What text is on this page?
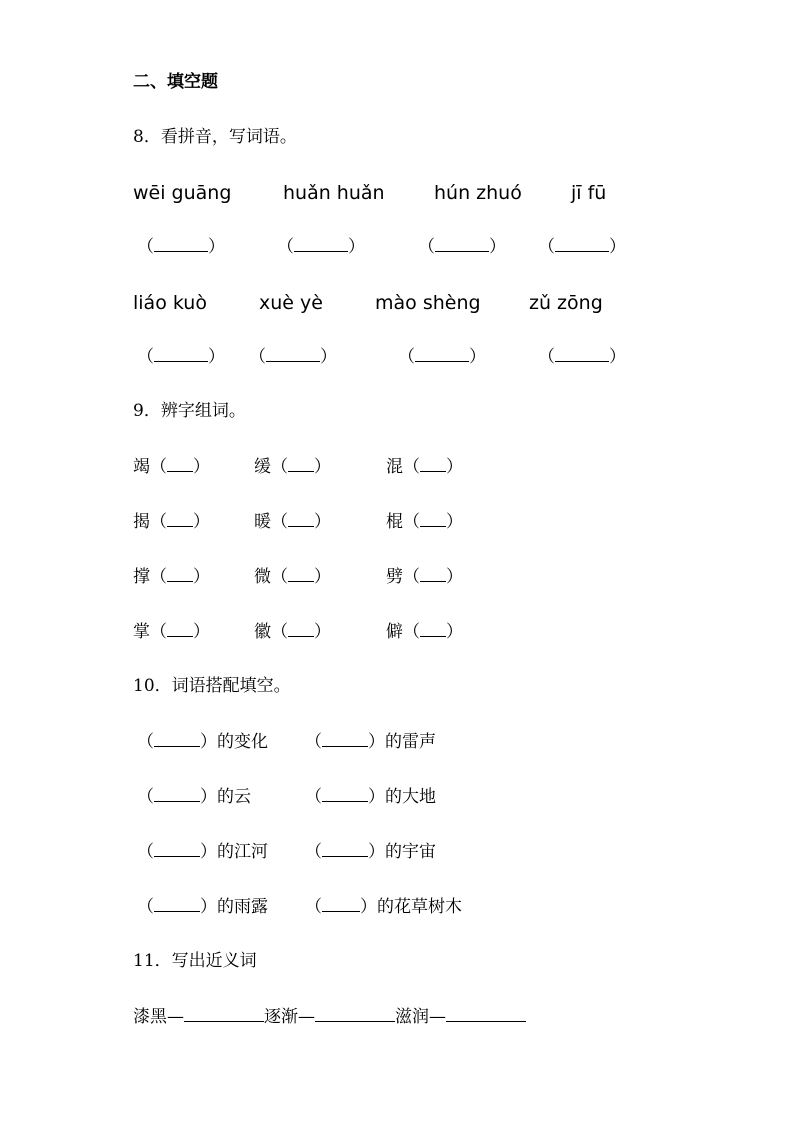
二、填空题
8．看拼音，写词语。
wēi guāng	huǎn huǎn	hún zhuó	jī fū
（	）	（	）	（	） （	）
liáo kuò	xuè yè	mào shèng	zǔ zōng
（	） （	）	（	）	（	）
9．辨字组词。
竭（ ）	缓（ ）	混（ ）
揭（ ）	暖（ ）	棍（ ）
撑（ ）	微（ ）	劈（ ）
掌（ ）	徽（ ）	僻（ ）
10．词语搭配填空。
（	）的变化 （	）的雷声
（	）的云	（	）的大地
（	）的江河 （	）的宇宙
（	）的雨露 （ ）的花草树木
11．写出近义词
漆黑—	逐渐—	滋润—
